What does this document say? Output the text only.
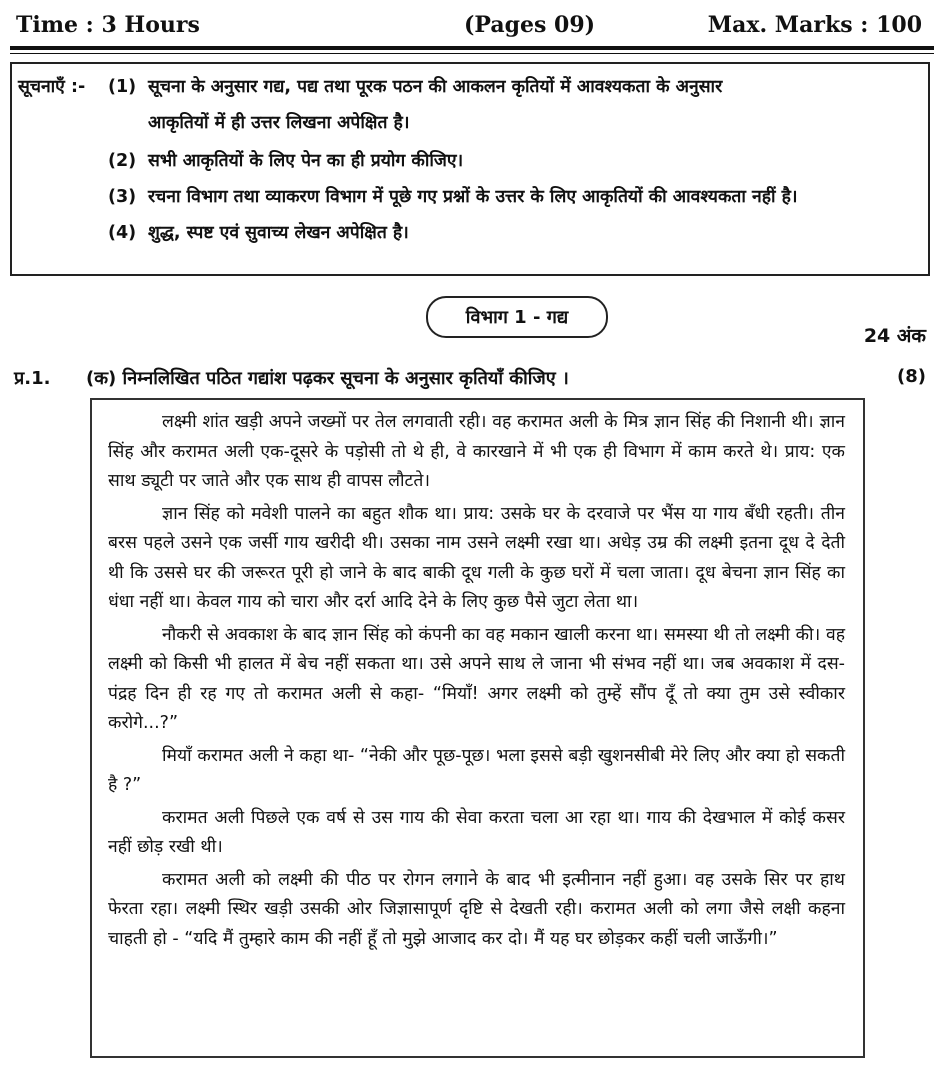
Time : 3 Hours	(Pages 09)	Max. Marks : 100
सूचनाएँ :- (1) सूचना के अनुसार गद्य, पद्य तथा पूरक पठन की आकलन कृतियों में आवश्यकता के अनुसार
आकृतियों में ही उत्तर लिखना अपेक्षित है।
(2) सभी आकृतियों के लिए पेन का ही प्रयोग कीजिए।
(3) रचना विभाग तथा व्याकरण विभाग में पूछे गए प्रश्नों के उत्तर के लिए आकृतियों की आवश्यकता नहीं है।
(4) शुद्ध, स्पष्ट एवं सुवाच्य लेखन अपेक्षित है।
विभाग 1 - गद्य
24 अंक
प्र.1. (क) निम्नलिखित पठित गद्यांश पढ़कर सूचना के अनुसार कृतियाँ कीजिए ।	(8)

लक्ष्मी शांत खड़ी अपने जख्मों पर तेल लगवाती रही। वह करामत अली के मित्र ज्ञान सिंह की निशानी थी। ज्ञान सिंह और करामत अली एक-दूसरे के पड़ोसी तो थे ही, वे कारखाने में भी एक ही विभाग में काम करते थे। प्राय: एक साथ ड्यूटी पर जाते और एक साथ ही वापस लौटते।

ज्ञान सिंह को मवेशी पालने का बहुत शौक था। प्राय: उसके घर के दरवाजे पर भैंस या गाय बँधी रहती। तीन बरस पहले उसने एक जर्सी गाय खरीदी थी। उसका नाम उसने लक्ष्मी रखा था। अधेड़ उम्र की लक्ष्मी इतना दूध दे देती थी कि उससे घर की जरूरत पूरी हो जाने के बाद बाकी दूध गली के कुछ घरों में चला जाता। दूध बेचना ज्ञान सिंह का धंधा नहीं था। केवल गाय को चारा और दर्रा आदि देने के लिए कुछ पैसे जुटा लेता था।

नौकरी से अवकाश के बाद ज्ञान सिंह को कंपनी का वह मकान खाली करना था। समस्या थी तो लक्ष्मी की। वह लक्ष्मी को किसी भी हालत में बेच नहीं सकता था। उसे अपने साथ ले जाना भी संभव नहीं था। जब अवकाश में दस-पंद्रह दिन ही रह गए तो करामत अली से कहा- “मियाँ! अगर लक्ष्मी को तुम्हें सौंप दूँ तो क्या तुम उसे स्वीकार करोगे...?”

मियाँ करामत अली ने कहा था- “नेकी और पूछ-पूछ। भला इससे बड़ी खुशनसीबी मेरे लिए और क्या हो सकती है ?”

करामत अली पिछले एक वर्ष से उस गाय की सेवा करता चला आ रहा था। गाय की देखभाल में कोई कसर नहीं छोड़ रखी थी।

करामत अली को लक्ष्मी की पीठ पर रोगन लगाने के बाद भी इत्मीनान नहीं हुआ। वह उसके सिर पर हाथ फेरता रहा। लक्ष्मी स्थिर खड़ी उसकी ओर जिज्ञासापूर्ण दृष्टि से देखती रही। करामत अली को लगा जैसे लक्षी कहना चाहती हो - “यदि मैं तुम्हारे काम की नहीं हूँ तो मुझे आजाद कर दो। मैं यह घर छोड़कर कहीं चली जाऊँगी।”
